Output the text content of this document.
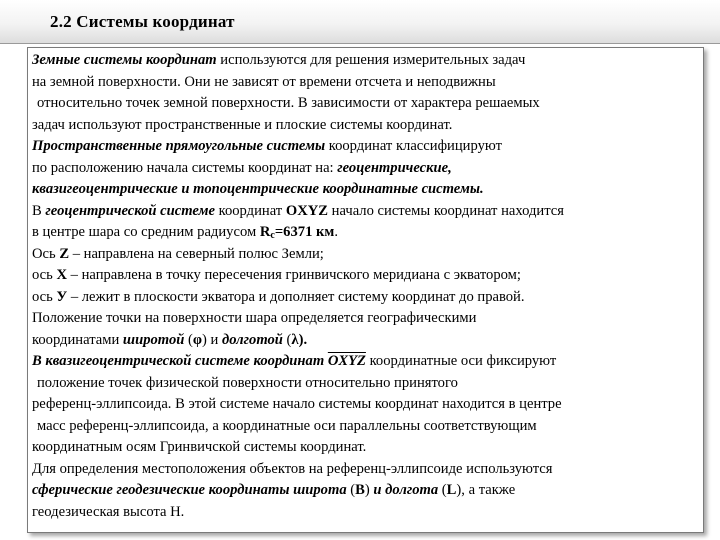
2.2 Системы координат
Земные системы координат используются для решения измерительных задач
на земной поверхности. Они не зависят от времени отсчета и неподвижны
относительно точек земной поверхности. В зависимости от характера решаемых
задач используют пространственные и плоские системы координат.
Пространственные прямоугольные системы координат классифицируют
по расположению начала системы координат на: геоцентрические,
квазигеоцентрические и топоцентрические координатные системы.
В геоцентрической системе координат OXYZ начало системы координат находится
в центре шара со средним радиусом $R_c=6371$ км.
Ось Z – направлена на северный полюс Земли;
ось X – направлена в точку пересечения гринвичского меридиана с экватором;
ось У – лежит в плоскости экватора и дополняет систему координат до правой.
Положение точки на поверхности шара определяется географическими
координатами широтой (φ) и долготой (λ).
В квазигеоцентрической системе координат OXYZ координатные оси фиксируют
положение точек физической поверхности относительно принятого
референц-эллипсоида. В этой системе начало системы координат находится в центре
масс референц-эллипсоида, а координатные оси параллельны соответствующим
координатным осям Гринвичской системы координат.
Для определения местоположения объектов на референц-эллипсоиде используются
сферические геодезические координаты широта (B) и долгота (L), а также
геодезическая высота H.
